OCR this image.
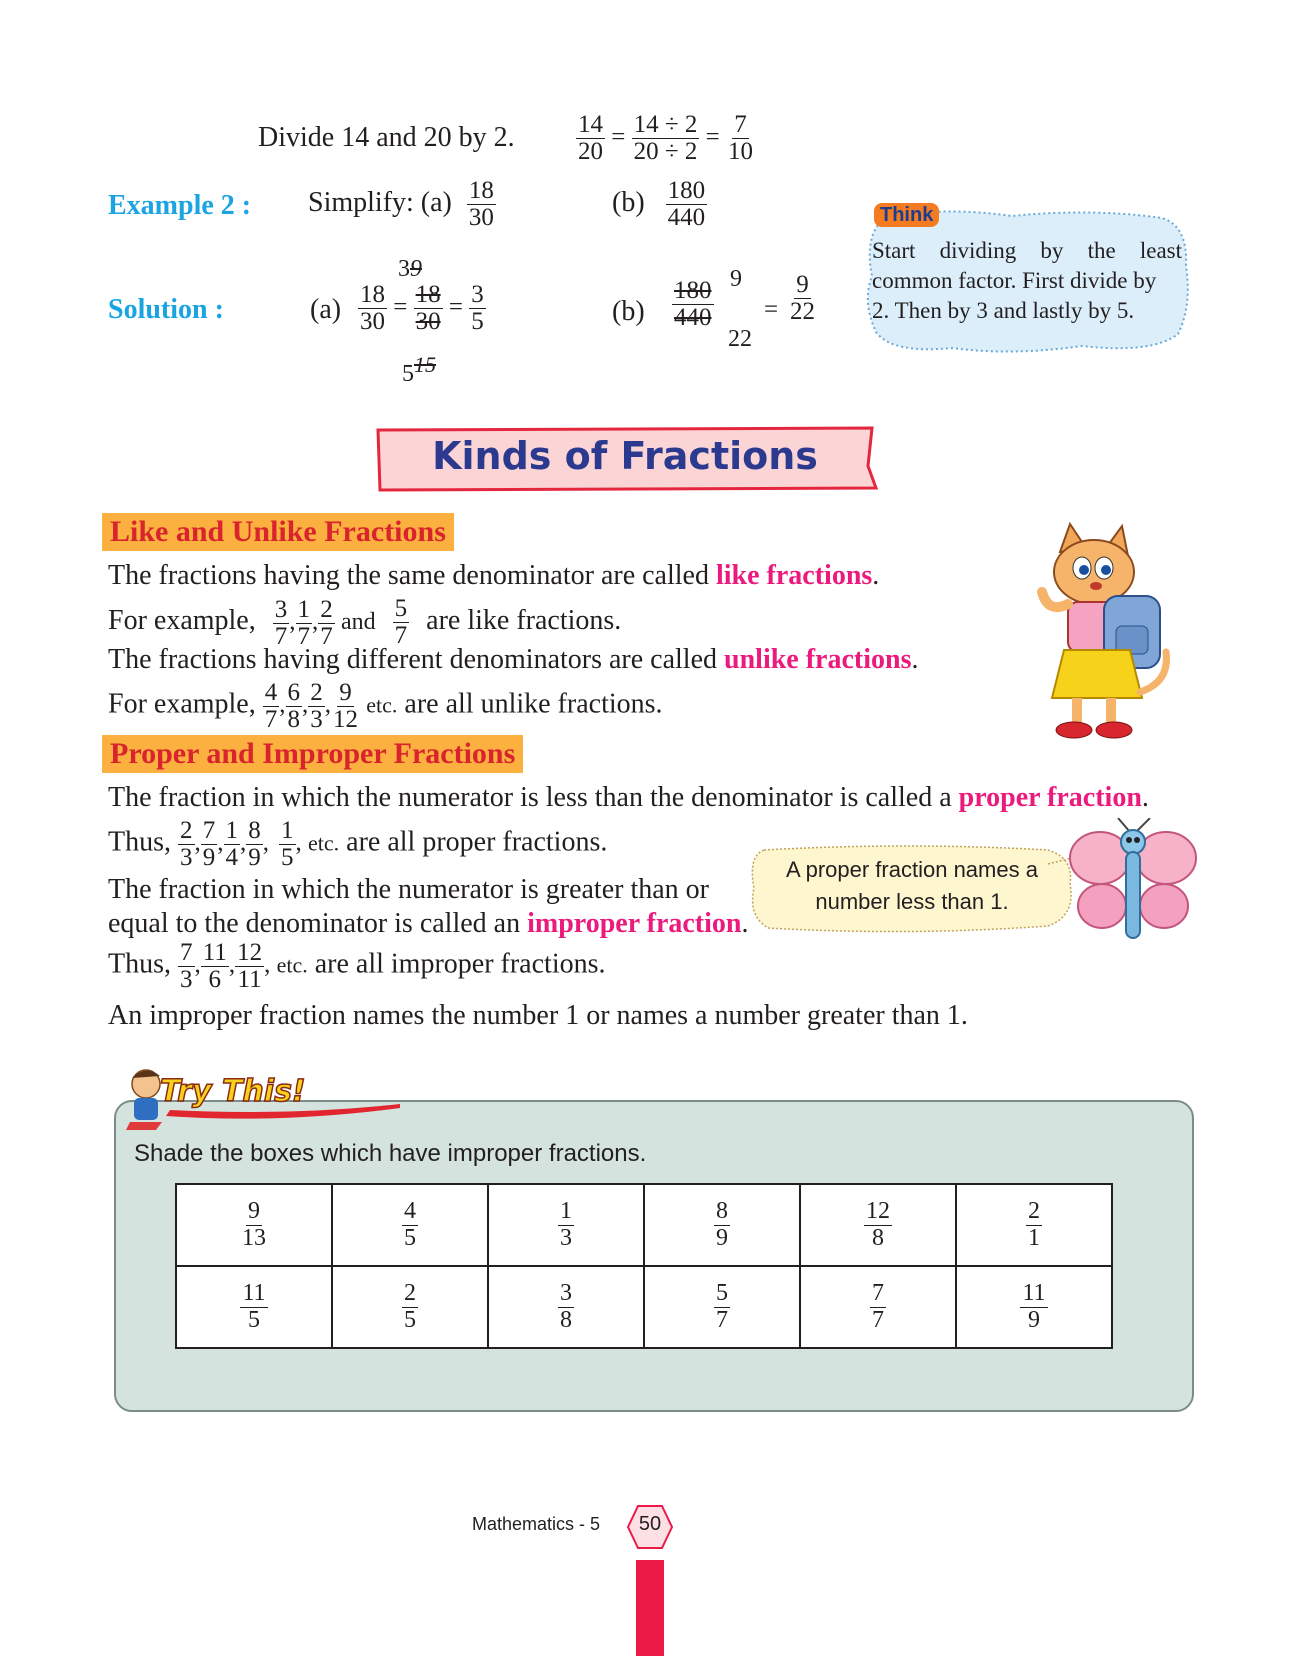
Divide 14 and 20 by 2. $\frac{14}{20} = \frac{14 \div 2}{20 \div 2} = \frac{7}{10}$
Example 2 : Simplify: $(a) \frac{18}{30}$	$(b) \frac{180}{440}$
Solution :	(a)
39
$\frac{18}{30} = \frac{18}{30} = \frac{3}{5}$
515
$(b) \frac{180}{440} 9$
22
= $\frac{9}{22}$
Think
Start dividing by the least
common factor. First divide by
2. Then by 3 and lastly by 5.
Kinds of Fractions
Like and Unlike Fractions
The fractions having the same denominator are called like fractions.
For example, $\frac{3}{7}$ , $\frac{1}{7}$ , $\frac{2}{7}$ and $\frac{5}{7}$ are like fractions.
The fractions having different denominators are called unlike fractions.
For example, $\frac{4}{7}$ , $\frac{6}{8}$ , $\frac{2}{3}$ , $\frac{9}{12}$ etc. are all unlike fractions.
Proper and Improper Fractions
The fraction in which the numerator is less than the denominator is called a proper fraction.
Thus, $\frac{2}{3}$ , $\frac{7}{9}$ , $\frac{1}{4}$ , $\frac{8}{9}$ , $\frac{1}{5}$ , etc. are all proper fractions.
The fraction in which the numerator is greater than or
equal to the denominator is called an improper fraction.
Thus, $\frac{7}{3}$ , $\frac{11}{6}$ , $\frac{12}{11}$ , etc. are all improper fractions.
An improper fraction names the number 1 or names a number greater than 1.
A proper fraction names a
number less than 1.
Try This!
Shade the boxes which have improper fractions.
$\frac{9}{13}$	$\frac{4}{5}$	$\frac{1}{3}$	$\frac{8}{9}$	$\frac{12}{8}$	$\frac{2}{1}$

$\frac{11}{5}$	$\frac{2}{5}$	$\frac{3}{8}$	$\frac{5}{7}$	$\frac{7}{7}$	$\frac{11}{9}$
Mathematics - 5	50
